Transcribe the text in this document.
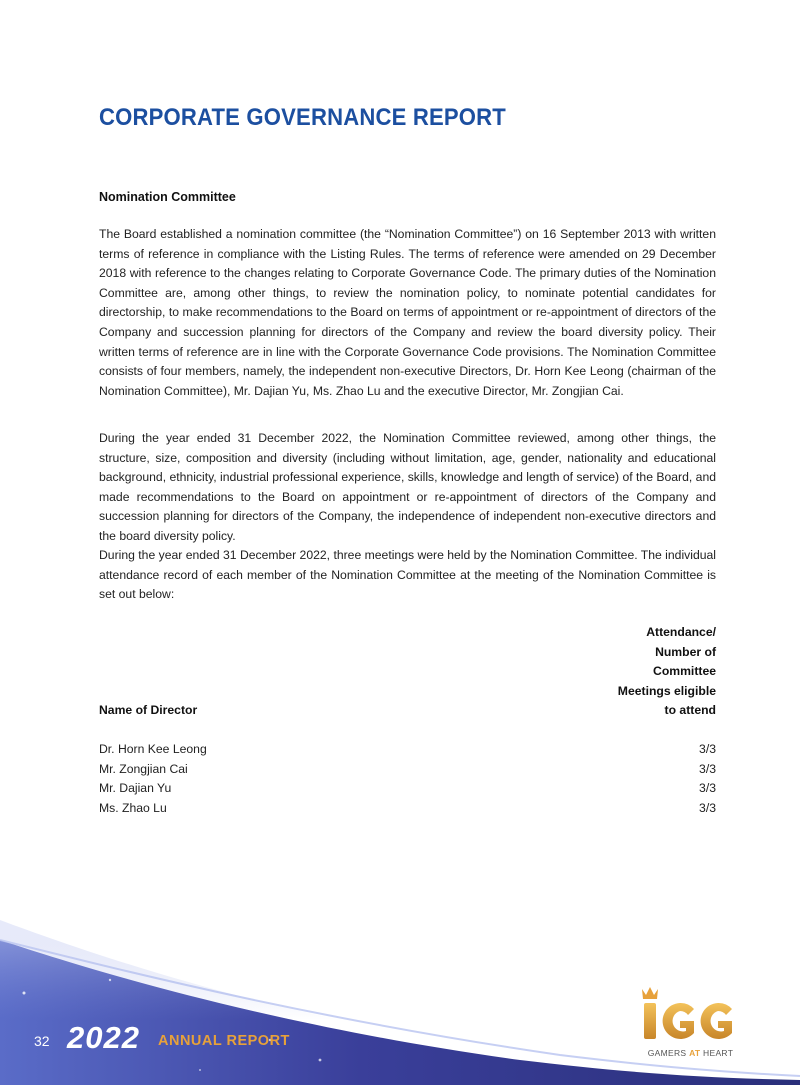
CORPORATE GOVERNANCE REPORT
Nomination Committee

The Board established a nomination committee (the “Nomination Committee”) on 16 September 2013 with written terms of reference in compliance with the Listing Rules. The terms of reference were amended on 29 December 2018 with reference to the changes relating to Corporate Governance Code. The primary duties of the Nomination Committee are, among other things, to review the nomination policy, to nominate potential candidates for directorship, to make recommendations to the Board on terms of appointment or re-appointment of directors of the Company and succession planning for directors of the Company and review the board diversity policy. Their written terms of reference are in line with the Corporate Governance Code provisions. The Nomination Committee consists of four members, namely, the independent non-executive Directors, Dr. Horn Kee Leong (chairman of the Nomination Committee), Mr. Dajian Yu, Ms. Zhao Lu and the executive Director, Mr. Zongjian Cai.

During the year ended 31 December 2022, the Nomination Committee reviewed, among other things, the structure, size, composition and diversity (including without limitation, age, gender, nationality and educational background, ethnicity, industrial professional experience, skills, knowledge and length of service) of the Board, and made recommendations to the Board on appointment or re-appointment of directors of the Company and succession planning for directors of the Company, the independence of independent non-executive directors and the board diversity policy.

During the year ended 31 December 2022, three meetings were held by the Nomination Committee. The individual attendance record of each member of the Nomination Committee at the meeting of the Nomination Committee is set out below:

Name of Director	Attendance/
Number of
Committee
Meetings eligible
to attend

Dr. Horn Kee Leong	3/3
Mr. Zongjian Cai	3/3
Mr. Dajian Yu	3/3
Ms. Zhao Lu	3/3
32 2022 ANNUAL REPORT
GAMERS AT HEART
